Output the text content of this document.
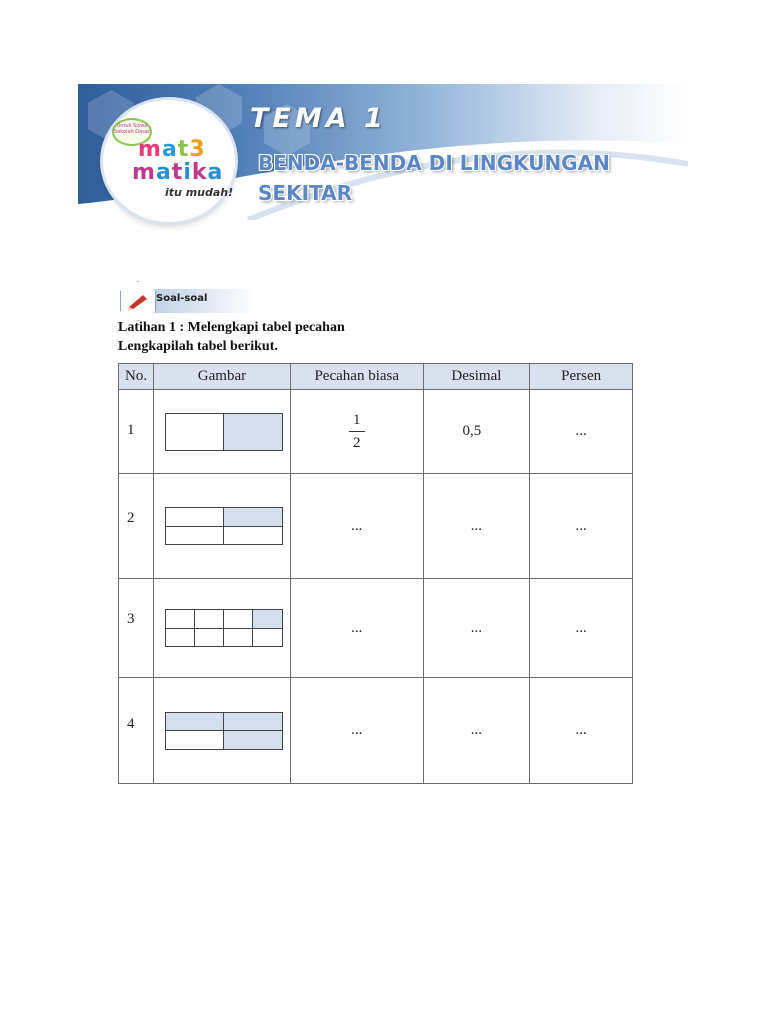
Untuk Siswa Sekolah Dasar
mat3
matika
itu mudah!
TEMA 1
BENDA-BENDA DI LINGKUNGAN SEKITAR
Soal-soal
Latihan 1 : Melengkapi tabel pecahan
Lengkapilah tabel berikut.
No.	Gambar	Pecahan biasa	Desimal	Persen
1		$\frac{1}{2}$	0,5	...
2		...	...	...
3		...	...	...
4		...	...	...
